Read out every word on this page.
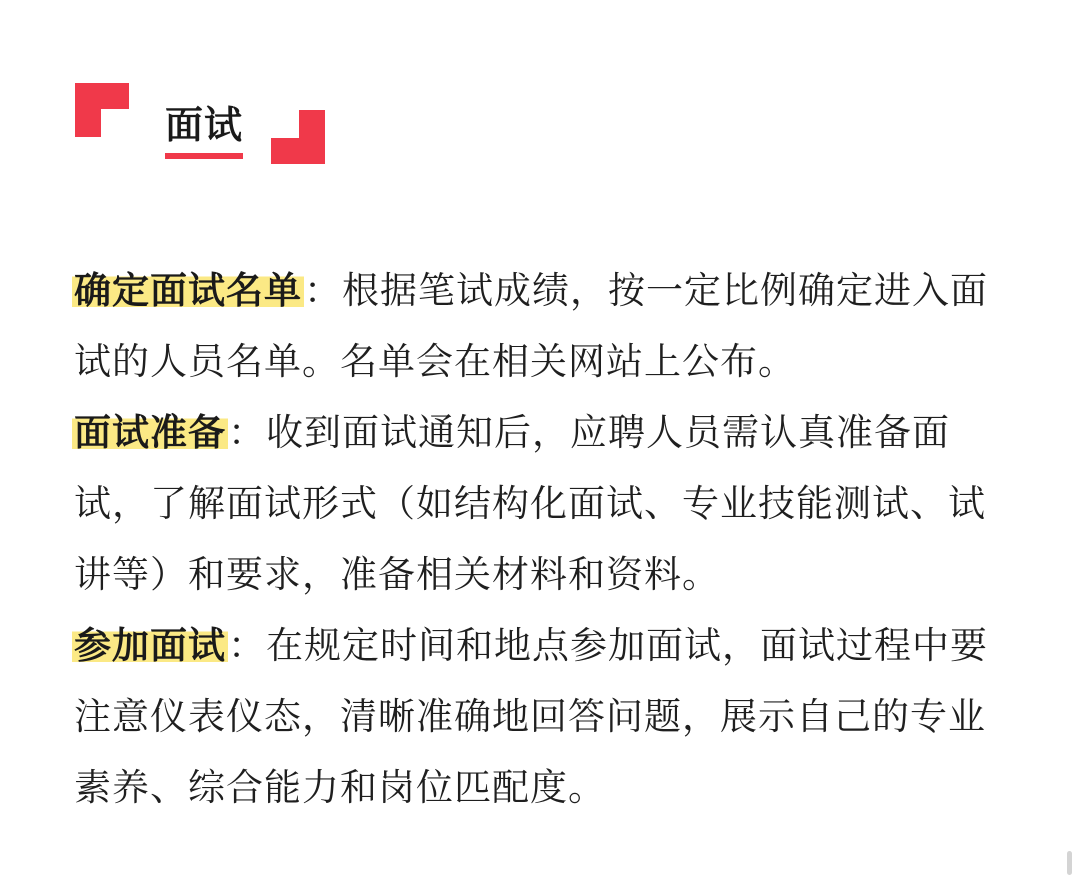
面试

确定面试名单：根据笔试成绩，按一定比例确定进入面试的人员名单。名单会在相关网站上公布。

面试准备：收到面试通知后，应聘人员需认真准备面试，了解面试形式（如结构化面试、专业技能测试、试讲等）和要求，准备相关材料和资料。

参加面试：在规定时间和地点参加面试，面试过程中要注意仪表仪态，清晰准确地回答问题，展示自己的专业素养、综合能力和岗位匹配度。
